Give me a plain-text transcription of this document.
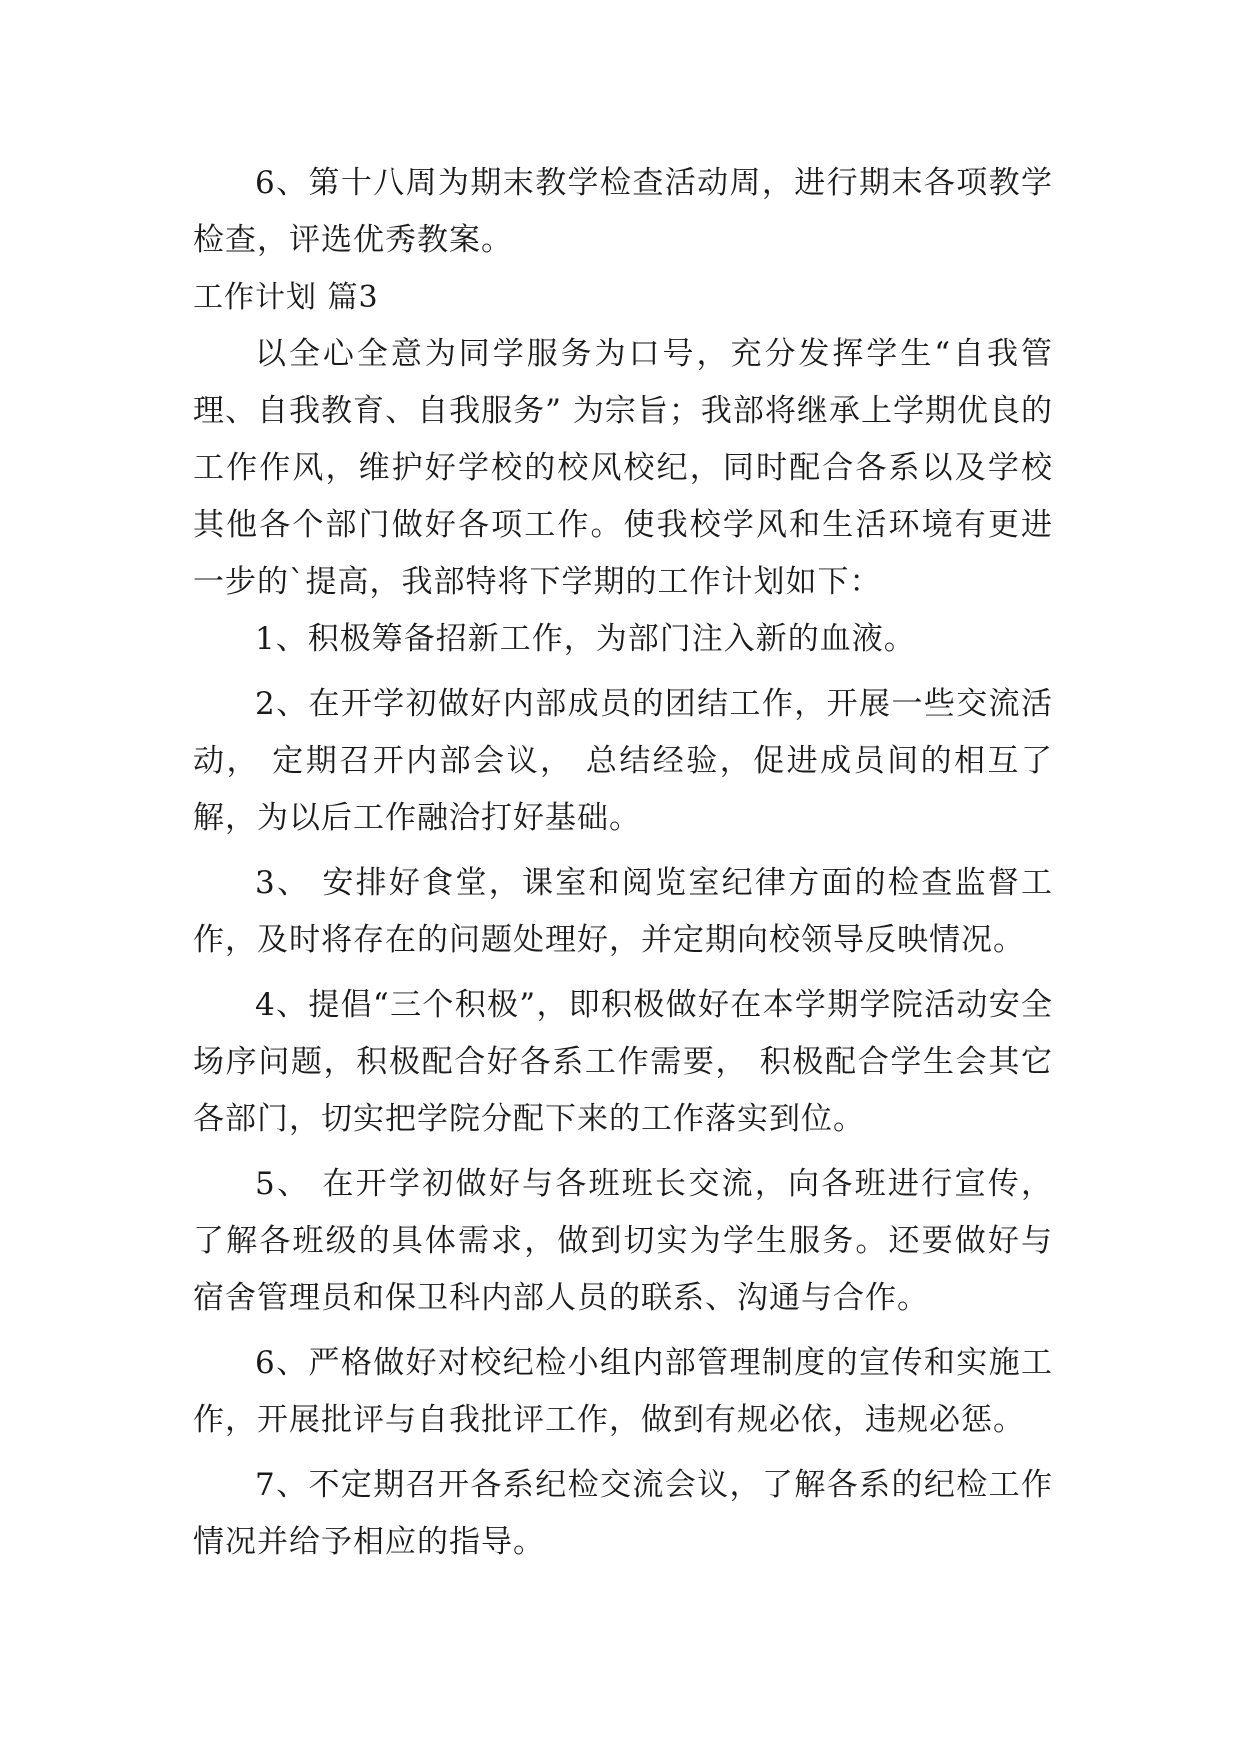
6、第十八周为期末教学检查活动周，进行期末各项教学检查，评选优秀教案。

工作计划 篇3

以全心全意为同学服务为口号，充分发挥学生“自我管理、自我教育、自我服务” 为宗旨；我部将继承上学期优良的工作作风，维护好学校的校风校纪，同时配合各系以及学校其他各个部门做好各项工作。使我校学风和生活环境有更进一步的`提高，我部特将下学期的工作计划如下：

1、积极筹备招新工作，为部门注入新的血液。

2、在开学初做好内部成员的团结工作，开展一些交流活动， 定期召开内部会议， 总结经验，促进成员间的相互了解，为以后工作融洽打好基础。

3、 安排好食堂，课室和阅览室纪律方面的检查监督工作，及时将存在的问题处理好，并定期向校领导反映情况。

4、提倡“三个积极”，即积极做好在本学期学院活动安全场序问题，积极配合好各系工作需要， 积极配合学生会其它各部门，切实把学院分配下来的工作落实到位。

5、 在开学初做好与各班班长交流，向各班进行宣传，了解各班级的具体需求，做到切实为学生服务。还要做好与宿舍管理员和保卫科内部人员的联系、沟通与合作。

6、严格做好对校纪检小组内部管理制度的宣传和实施工作，开展批评与自我批评工作，做到有规必依，违规必惩。

7、不定期召开各系纪检交流会议，了解各系的纪检工作情况并给予相应的指导。
